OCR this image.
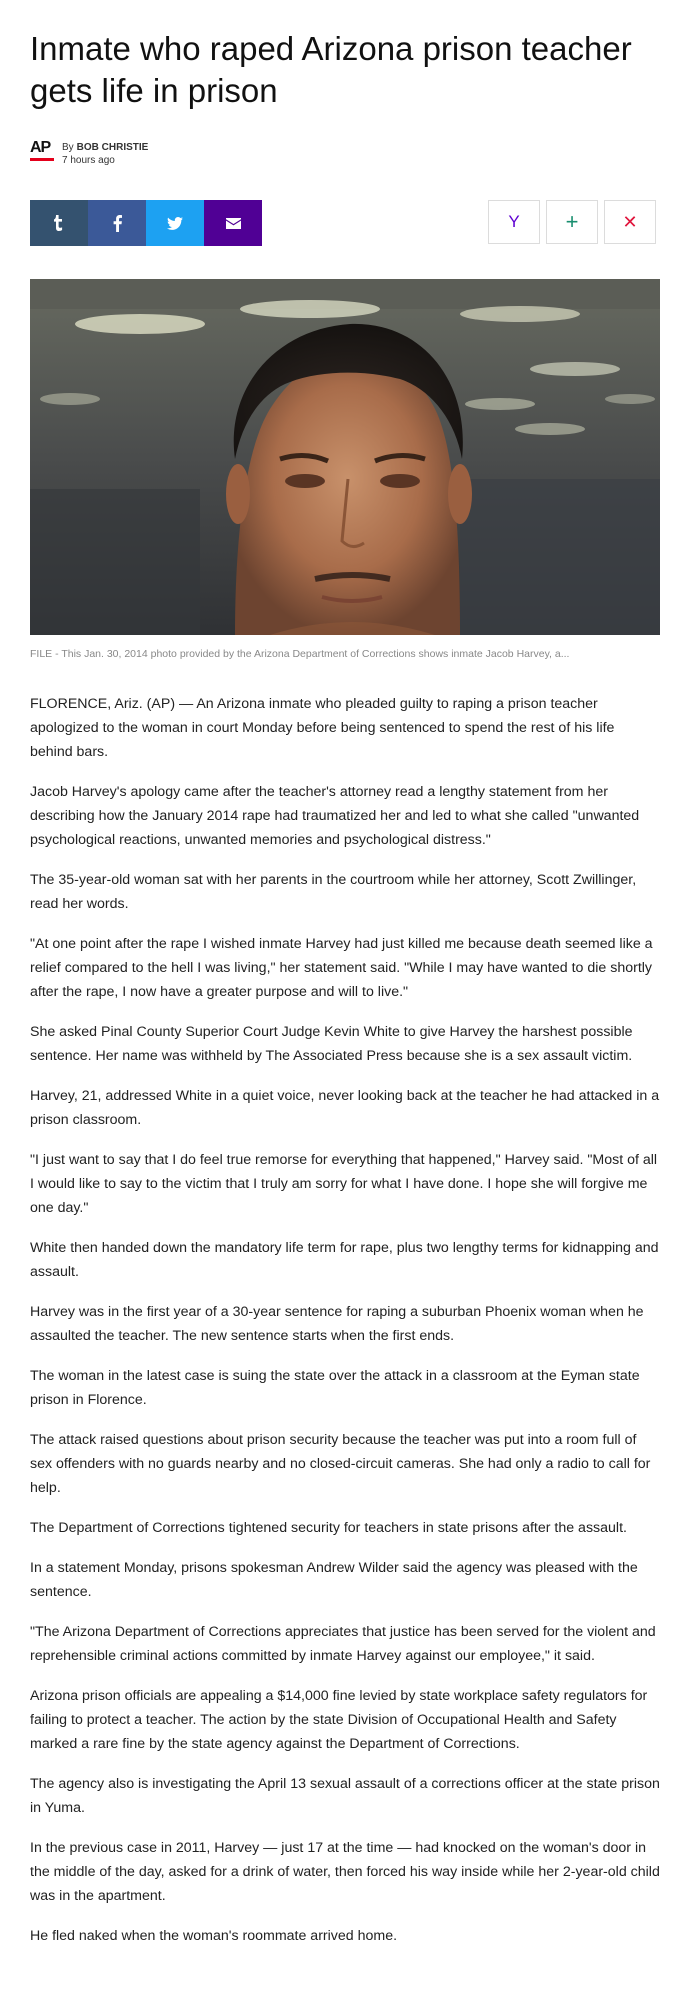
Inmate who raped Arizona prison teacher gets life in prison
AP	By BOB CHRISTIE
7 hours ago
Y	+	✕
FILE - This Jan. 30, 2014 photo provided by the Arizona Department of Corrections shows inmate Jacob Harvey, a...

FLORENCE, Ariz. (AP) — An Arizona inmate who pleaded guilty to raping a prison teacher apologized to the woman in court Monday before being sentenced to spend the rest of his life behind bars.

Jacob Harvey's apology came after the teacher's attorney read a lengthy statement from her describing how the January 2014 rape had traumatized her and led to what she called "unwanted psychological reactions, unwanted memories and psychological distress."

The 35-year-old woman sat with her parents in the courtroom while her attorney, Scott Zwillinger, read her words.

"At one point after the rape I wished inmate Harvey had just killed me because death seemed like a relief compared to the hell I was living," her statement said. "While I may have wanted to die shortly after the rape, I now have a greater purpose and will to live."

She asked Pinal County Superior Court Judge Kevin White to give Harvey the harshest possible sentence. Her name was withheld by The Associated Press because she is a sex assault victim.

Harvey, 21, addressed White in a quiet voice, never looking back at the teacher he had attacked in a prison classroom.

"I just want to say that I do feel true remorse for everything that happened," Harvey said. "Most of all I would like to say to the victim that I truly am sorry for what I have done. I hope she will forgive me one day."

White then handed down the mandatory life term for rape, plus two lengthy terms for kidnapping and assault.

Harvey was in the first year of a 30-year sentence for raping a suburban Phoenix woman when he assaulted the teacher. The new sentence starts when the first ends.

The woman in the latest case is suing the state over the attack in a classroom at the Eyman state prison in Florence.

The attack raised questions about prison security because the teacher was put into a room full of sex offenders with no guards nearby and no closed-circuit cameras. She had only a radio to call for help.

The Department of Corrections tightened security for teachers in state prisons after the assault.

In a statement Monday, prisons spokesman Andrew Wilder said the agency was pleased with the sentence.

"The Arizona Department of Corrections appreciates that justice has been served for the violent and reprehensible criminal actions committed by inmate Harvey against our employee," it said.

Arizona prison officials are appealing a $14,000 fine levied by state workplace safety regulators for failing to protect a teacher. The action by the state Division of Occupational Health and Safety marked a rare fine by the state agency against the Department of Corrections.

The agency also is investigating the April 13 sexual assault of a corrections officer at the state prison in Yuma.

In the previous case in 2011, Harvey — just 17 at the time — had knocked on the woman's door in the middle of the day, asked for a drink of water, then forced his way inside while her 2-year-old child was in the apartment.

He fled naked when the woman's roommate arrived home.
